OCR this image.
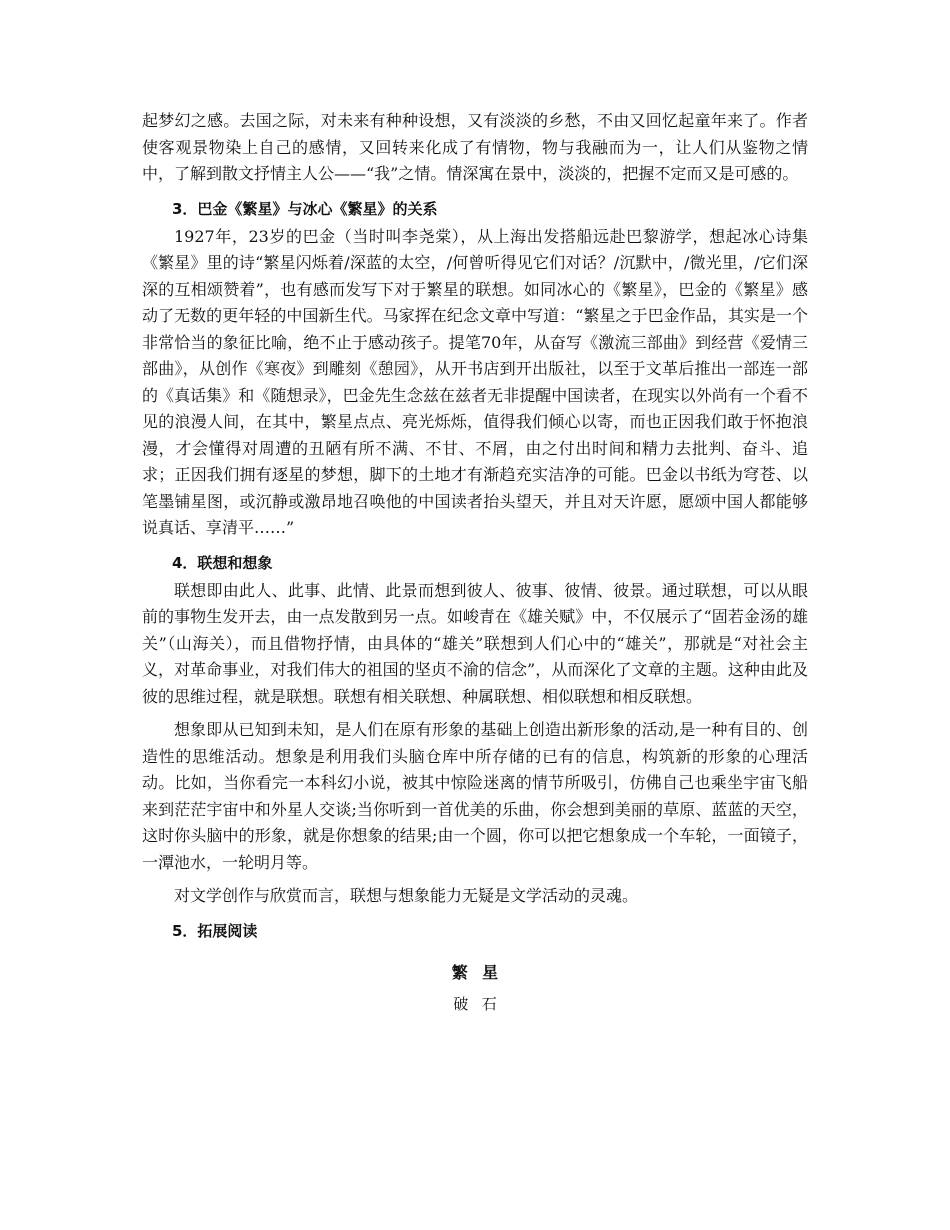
起梦幻之感。去国之际，对未来有种种设想，又有淡淡的乡愁，不由又回忆起童年来了。作者使客观景物染上自己的感情，又回转来化成了有情物，物与我融而为一，让人们从鉴物之情中，了解到散文抒情主人公——“我”之情。情深寓在景中，淡淡的，把握不定而又是可感的。

3．巴金《繁星》与冰心《繁星》的关系

1927年，23岁的巴金（当时叫李尧棠），从上海出发搭船远赴巴黎游学，想起冰心诗集《繁星》里的诗“繁星闪烁着/深蓝的太空，/何曾听得见它们对话？/沉默中，/微光里，/它们深深的互相颂赞着”，也有感而发写下对于繁星的联想。如同冰心的《繁星》，巴金的《繁星》感动了无数的更年轻的中国新生代。马家挥在纪念文章中写道：“繁星之于巴金作品，其实是一个非常恰当的象征比喻，绝不止于感动孩子。提笔70年，从奋写《激流三部曲》到经营《爱情三部曲》，从创作《寒夜》到雕刻《憩园》，从开书店到开出版社，以至于文革后推出一部连一部的《真话集》和《随想录》，巴金先生念兹在兹者无非提醒中国读者，在现实以外尚有一个看不见的浪漫人间，在其中，繁星点点、亮光烁烁，值得我们倾心以寄，而也正因我们敢于怀抱浪漫，才会懂得对周遭的丑陋有所不满、不甘、不屑，由之付出时间和精力去批判、奋斗、追求；正因我们拥有逐星的梦想，脚下的土地才有渐趋充实洁净的可能。巴金以书纸为穹苍、以笔墨铺星图，或沉静或激昂地召唤他的中国读者抬头望天，并且对天许愿，愿颂中国人都能够说真话、享清平……”

4．联想和想象

联想即由此人、此事、此情、此景而想到彼人、彼事、彼情、彼景。通过联想，可以从眼前的事物生发开去，由一点发散到另一点。如峻青在《雄关赋》中，不仅展示了“固若金汤的雄关”（山海关），而且借物抒情，由具体的“雄关”联想到人们心中的“雄关”，那就是“对社会主义，对革命事业，对我们伟大的祖国的坚贞不渝的信念”，从而深化了文章的主题。这种由此及彼的思维过程，就是联想。联想有相关联想、种属联想、相似联想和相反联想。

想象即从已知到未知，是人们在原有形象的基础上创造出新形象的活动,是一种有目的、创造性的思维活动。想象是利用我们头脑仓库中所存储的已有的信息，构筑新的形象的心理活动。比如，当你看完一本科幻小说，被其中惊险迷离的情节所吸引，仿佛自己也乘坐宇宙飞船来到茫茫宇宙中和外星人交谈;当你听到一首优美的乐曲，你会想到美丽的草原、蓝蓝的天空，这时你头脑中的形象，就是你想象的结果;由一个圆，你可以把它想象成一个车轮，一面镜子，一潭池水，一轮明月等。

对文学创作与欣赏而言，联想与想象能力无疑是文学活动的灵魂。

5．拓展阅读
繁星
破石
